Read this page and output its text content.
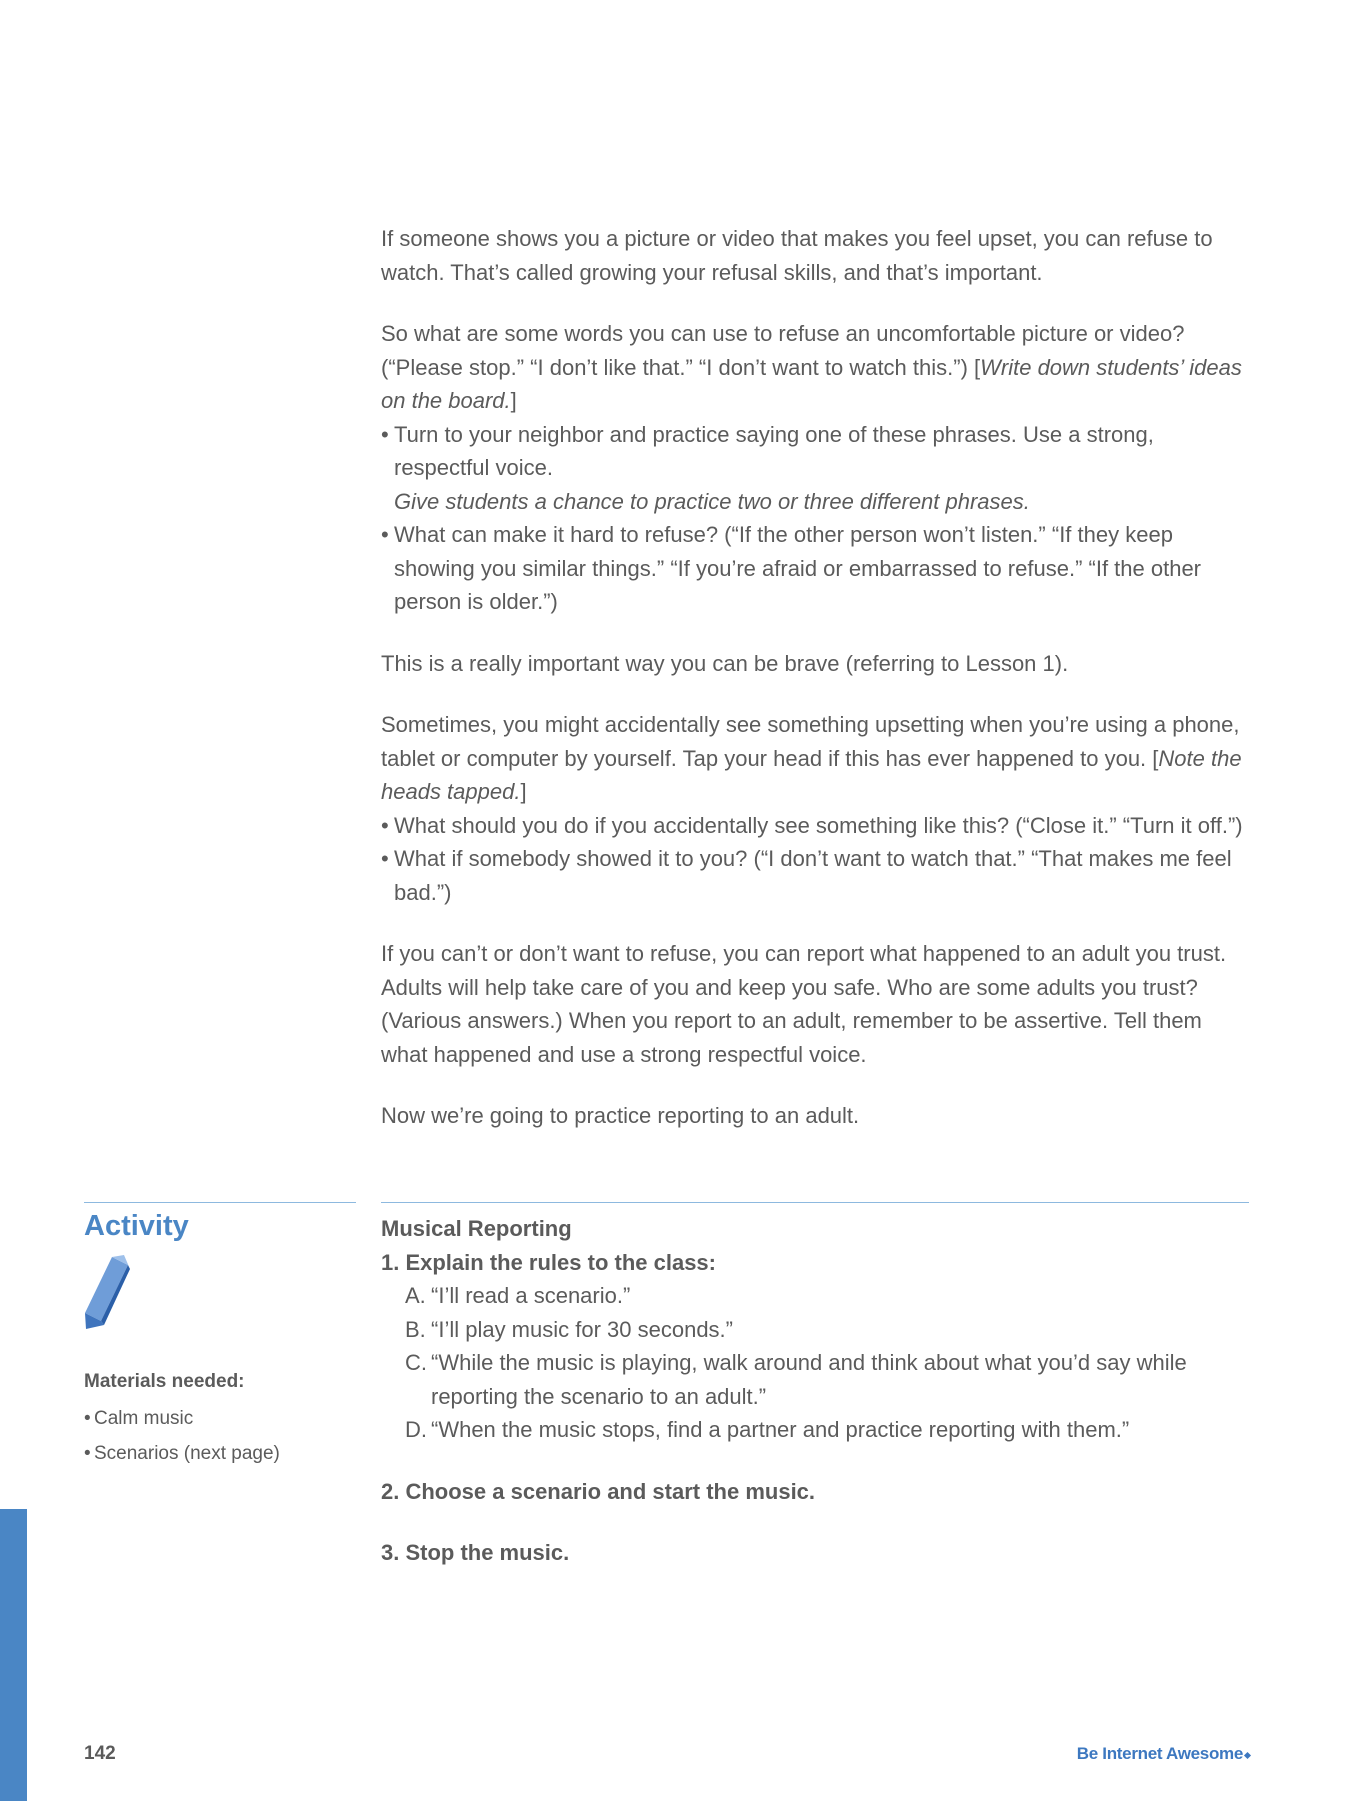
If someone shows you a picture or video that makes you feel upset, you can refuse to watch. That’s called growing your refusal skills, and that’s important.

So what are some words you can use to refuse an uncomfortable picture or video? (“Please stop.” “I don’t like that.” “I don’t want to watch this.”) [Write down students’ ideas on the board.]

• Turn to your neighbor and practice saying one of these phrases. Use a strong, respectful voice.
Give students a chance to practice two or three different phrases.
• What can make it hard to refuse? (“If the other person won’t listen.” “If they keep showing you similar things.” “If you’re afraid or embarrassed to refuse.” “If the other person is older.”)

This is a really important way you can be brave (referring to Lesson 1).

Sometimes, you might accidentally see something upsetting when you’re using a phone, tablet or computer by yourself. Tap your head if this has ever happened to you. [Note the heads tapped.]

• What should you do if you accidentally see something like this? (“Close it.” “Turn it off.”)
• What if somebody showed it to you? (“I don’t want to watch that.” “That makes me feel bad.”)

If you can’t or don’t want to refuse, you can report what happened to an adult you trust. Adults will help take care of you and keep you safe. Who are some adults you trust? (Various answers.) When you report to an adult, remember to be assertive. Tell them what happened and use a strong respectful voice.

Now we’re going to practice reporting to an adult.

Activity

Materials needed:

• Calm music
• Scenarios (next page)

Musical Reporting

1. Explain the rules to the class:

A. “I’ll read a scenario.”
B. “I’ll play music for 30 seconds.”
C. “While the music is playing, walk around and think about what you’d say while reporting the scenario to an adult.”
D. “When the music stops, find a partner and practice reporting with them.”

2. Choose a scenario and start the music.

3. Stop the music.

142	Be Internet Awesome
